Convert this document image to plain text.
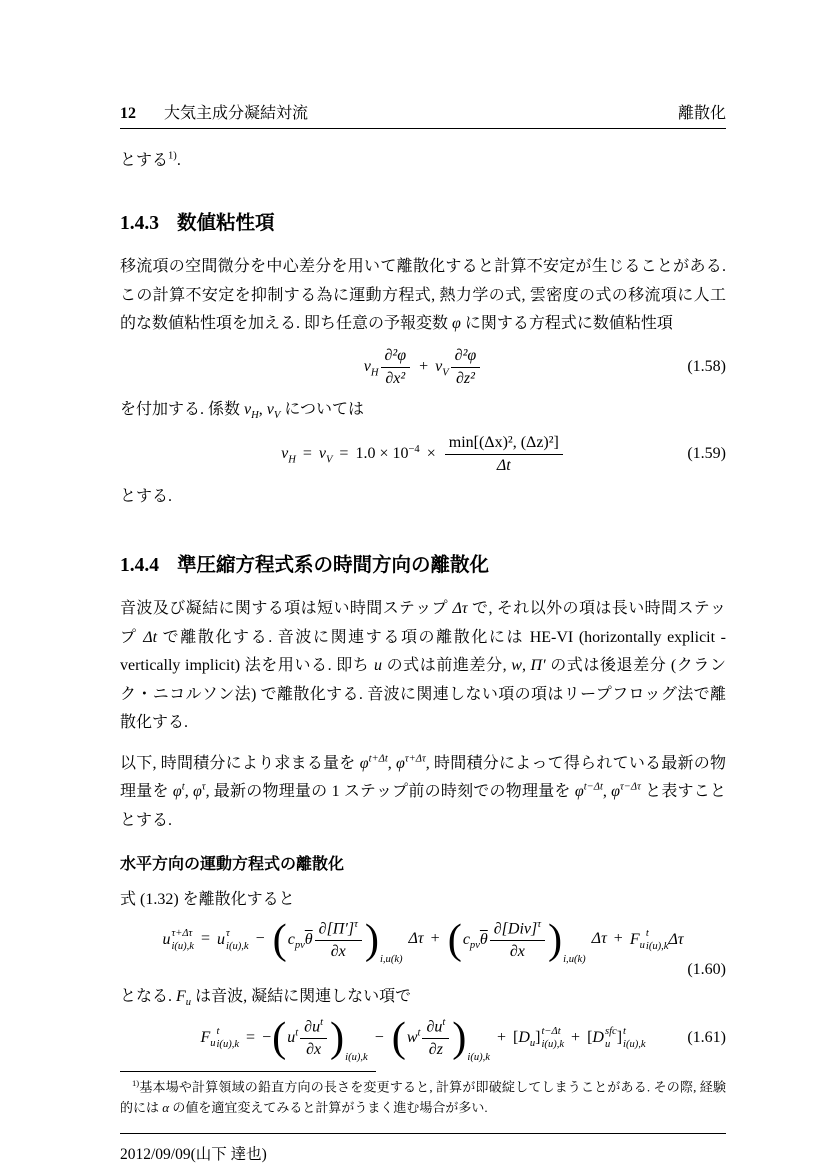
12 大気主成分凝結対流	離散化

とする$^{1)}$.

1.4.3 数値粘性項

移流項の空間微分を中心差分を用いて離散化すると計算不安定が生じることがある. この計算不安定を抑制する為に運動方程式, 熱力学の式, 雲密度の式の移流項に人工的な数値粘性項を加える. 即ち任意の予報変数 φ に関する方程式に数値粘性項

$\nu_H \frac{\text{∂²φ}}{\text{∂x²}} + \nu_V \frac{\text{∂²φ}}{\text{∂z²}}$	(1.58)

を付加する. 係数 $\nu_H$, $\nu_V$ については

$\nu_H = \nu_V = 1.0 \times 10^{-4} \times \frac{\text{min[(Δx)², (Δz)²]}}{\Delta t}$	(1.59)

とする.

1.4.4 準圧縮方程式系の時間方向の離散化

音波及び凝結に関する項は短い時間ステップ Δτ で, それ以外の項は長い時間ステップ Δt で離散化する. 音波に関連する項の離散化には HE-VI (horizontally explicit - vertically implicit) 法を用いる. 即ち u の式は前進差分, w, Π′ の式は後退差分 (クランク・ニコルソン法) で離散化する. 音波に関連しない項の項はリープフロッグ法で離散化する.

以下, 時間積分により求まる量を $\varphi^{t+\Delta t}$, $\varphi^{\tau+\Delta\tau}$, 時間積分によって得られている最新の物理量を $\varphi^t$, $\varphi^\tau$, 最新の物理量の 1 ステップ前の時刻での物理量を $\varphi^{t-\Delta t}$, $\varphi^{\tau-\Delta\tau}$ と表すこととする.

水平方向の運動方程式の離散化

式 (1.32) を離散化すると

u τ+Δτ
i(u),k = u τ
$i(u),k - (c_{pv}\overline{\theta} \frac{\partial[\Pi']^\tau}{\partial x} )_{i,u(k)}\Delta\tau + (c_{pv}\overline{\theta} \frac{\partial[Div]^\tau}{\partial x} )_{i,u(k)}\Delta\tau + F_u$
t
i(u),k Δτ
(1.60)

となる. $F_u$ は音波, 凝結に関連しない項で

$F_u$
t
$i(u),k = -(u^t \frac{\partial u^t}{\partial x} )_{i(u),k}- (w^t \frac{\partial u^t}{\partial z} )_{i(u),k}+ [D_u]$ t−Δt
i(u),k + [D sfc
u ] t
i(u),k	(1.61)

$^{1)}$基本場や計算領域の鉛直方向の長さを変更すると, 計算が即破綻してしまうことがある. その際, 経験的には α の値を適宜変えてみると計算がうまく進む場合が多い.

2012/09/09(山下 達也)
